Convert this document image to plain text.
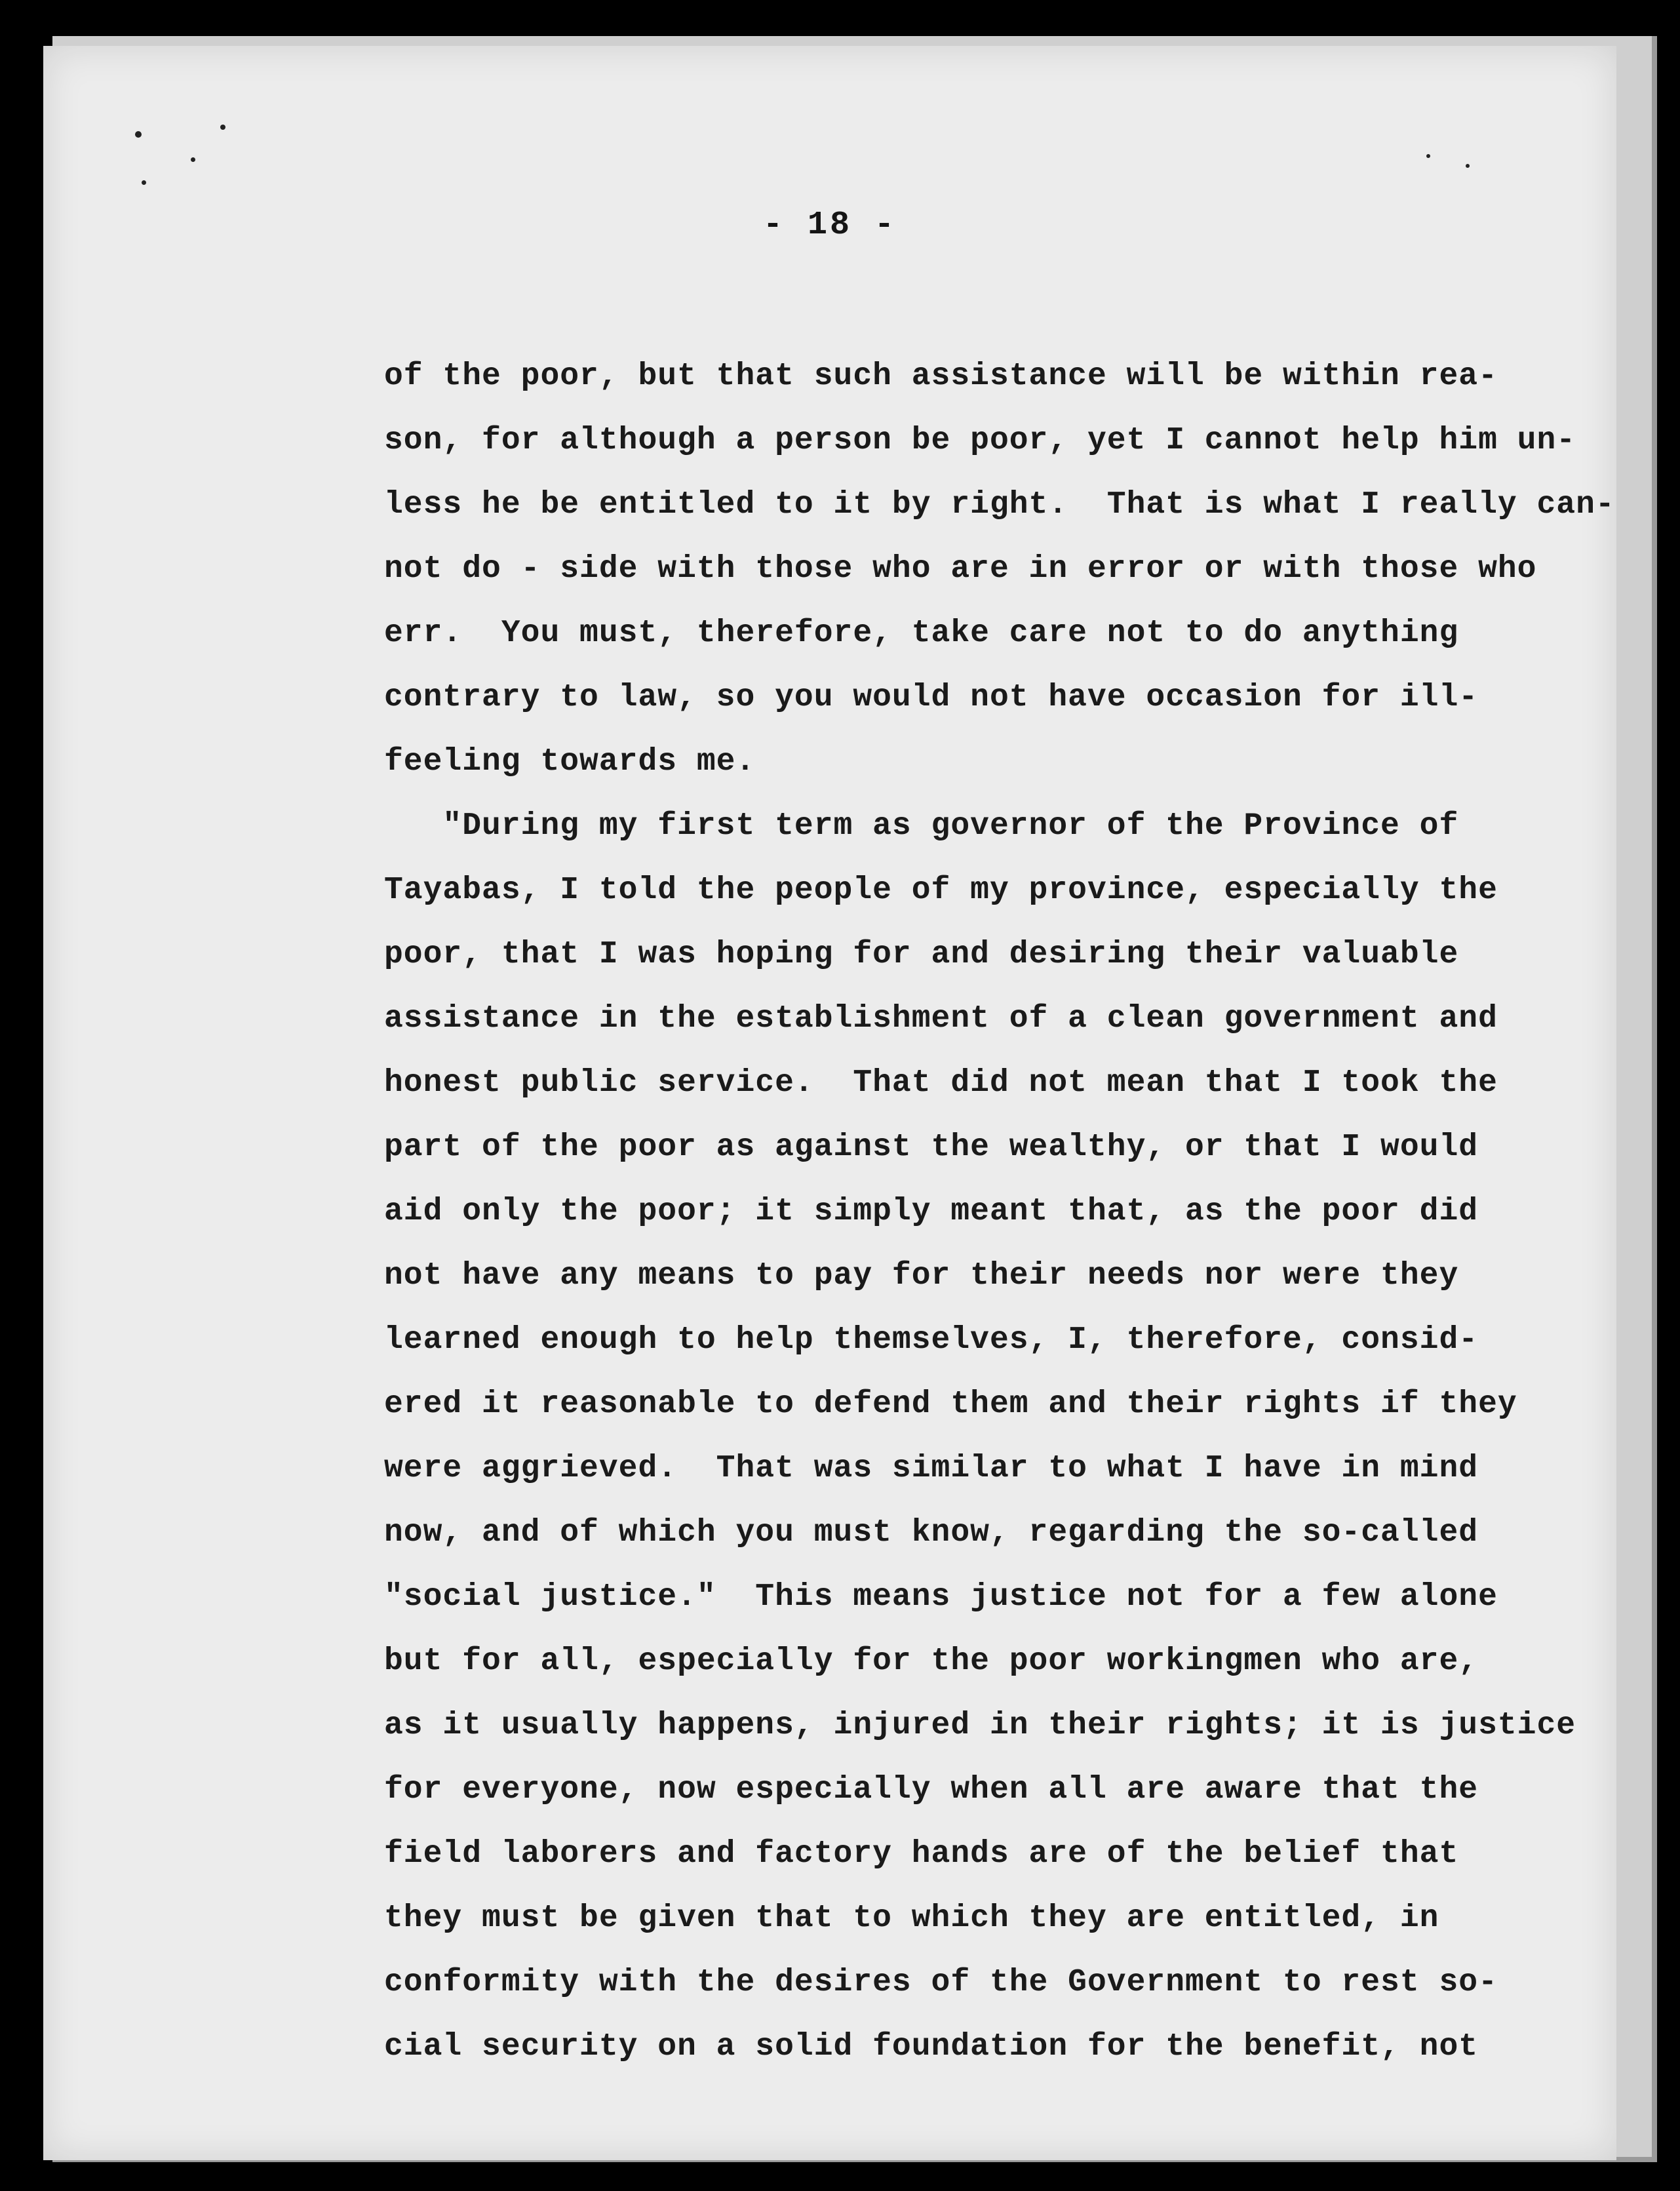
- 18 -
of the poor, but that such assistance will be within rea-
son, for although a person be poor, yet I cannot help him un-
less he be entitled to it by right.  That is what I really can-
not do - side with those who are in error or with those who
err.  You must, therefore, take care not to do anything
contrary to law, so you would not have occasion for ill-
feeling towards me.
"During my first term as governor of the Province of
Tayabas, I told the people of my province, especially the
poor, that I was hoping for and desiring their valuable
assistance in the establishment of a clean government and
honest public service.  That did not mean that I took the
part of the poor as against the wealthy, or that I would
aid only the poor; it simply meant that, as the poor did
not have any means to pay for their needs nor were they
learned enough to help themselves, I, therefore, consid-
ered it reasonable to defend them and their rights if they
were aggrieved.  That was similar to what I have in mind
now, and of which you must know, regarding the so-called
"social justice."  This means justice not for a few alone
but for all, especially for the poor workingmen who are,
as it usually happens, injured in their rights; it is justice
for everyone, now especially when all are aware that the
field laborers and factory hands are of the belief that
they must be given that to which they are entitled, in
conformity with the desires of the Government to rest so-
cial security on a solid foundation for the benefit, not
